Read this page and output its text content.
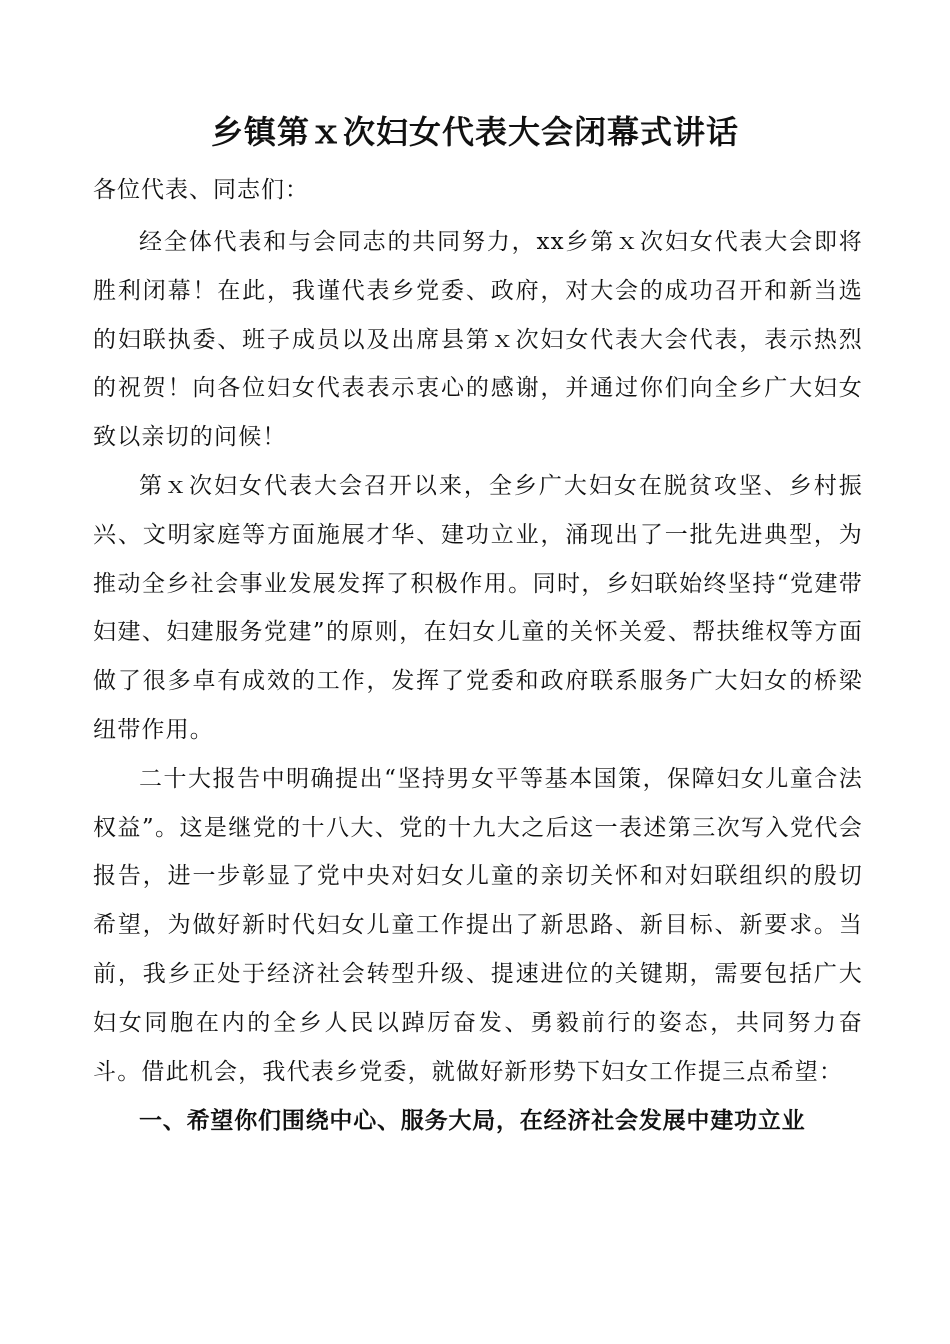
乡镇第ｘ次妇女代表大会闭幕式讲话

各位代表、同志们：

经全体代表和与会同志的共同努力，xx乡第ｘ次妇女代表大会即将胜利闭幕！在此，我谨代表乡党委、政府，对大会的成功召开和新当选的妇联执委、班子成员以及出席县第ｘ次妇女代表大会代表，表示热烈的祝贺！向各位妇女代表表示衷心的感谢，并通过你们向全乡广大妇女致以亲切的问候！

第ｘ次妇女代表大会召开以来，全乡广大妇女在脱贫攻坚、乡村振兴、文明家庭等方面施展才华、建功立业，涌现出了一批先进典型，为推动全乡社会事业发展发挥了积极作用。同时，乡妇联始终坚持“党建带妇建、妇建服务党建”的原则，在妇女儿童的关怀关爱、帮扶维权等方面做了很多卓有成效的工作，发挥了党委和政府联系服务广大妇女的桥梁纽带作用。

二十大报告中明确提出“坚持男女平等基本国策，保障妇女儿童合法权益”。这是继党的十八大、党的十九大之后这一表述第三次写入党代会报告，进一步彰显了党中央对妇女儿童的亲切关怀和对妇联组织的殷切希望，为做好新时代妇女儿童工作提出了新思路、新目标、新要求。当前，我乡正处于经济社会转型升级、提速进位的关键期，需要包括广大妇女同胞在内的全乡人民以踔厉奋发、勇毅前行的姿态，共同努力奋斗。借此机会，我代表乡党委，就做好新形势下妇女工作提三点希望：

一、希望你们围绕中心、服务大局，在经济社会发展中建功立业
